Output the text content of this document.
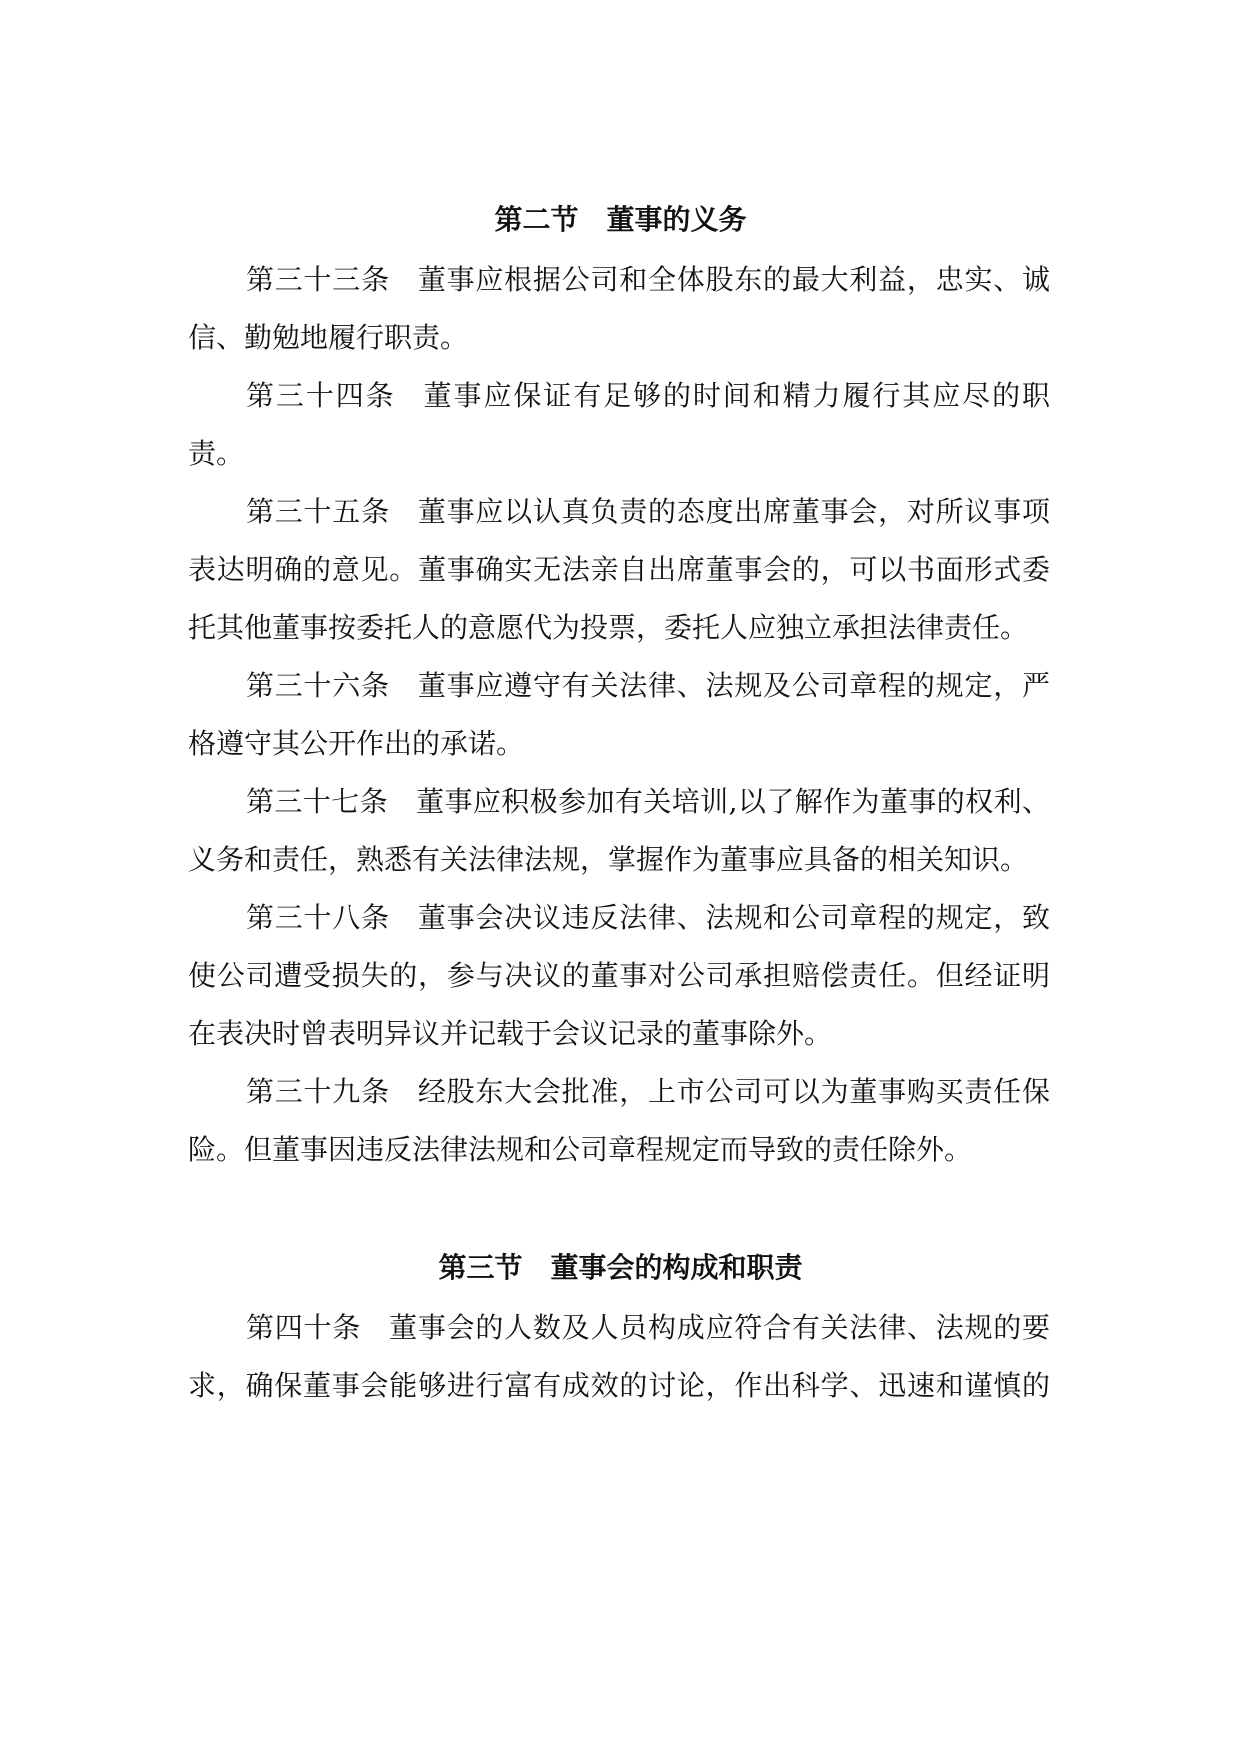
第二节　董事的义务
第三十三条 董事应根据公司和全体股东的最大利益，忠实、诚
信、勤勉地履行职责。
第三十四条 董事应保证有足够的时间和精力履行其应尽的职
责。
第三十五条 董事应以认真负责的态度出席董事会，对所议事项
表达明确的意见。董事确实无法亲自出席董事会的，可以书面形式委
托其他董事按委托人的意愿代为投票，委托人应独立承担法律责任。
第三十六条 董事应遵守有关法律、法规及公司章程的规定，严
格遵守其公开作出的承诺。
第三十七条 董事应积极参加有关培训,以了解作为董事的权利、
义务和责任，熟悉有关法律法规，掌握作为董事应具备的相关知识。
第三十八条 董事会决议违反法律、法规和公司章程的规定，致
使公司遭受损失的，参与决议的董事对公司承担赔偿责任。但经证明
在表决时曾表明异议并记载于会议记录的董事除外。
第三十九条 经股东大会批准，上市公司可以为董事购买责任保
险。但董事因违反法律法规和公司章程规定而导致的责任除外。
第三节　董事会的构成和职责
第四十条 董事会的人数及人员构成应符合有关法律、法规的要
求，确保董事会能够进行富有成效的讨论，作出科学、迅速和谨慎的
